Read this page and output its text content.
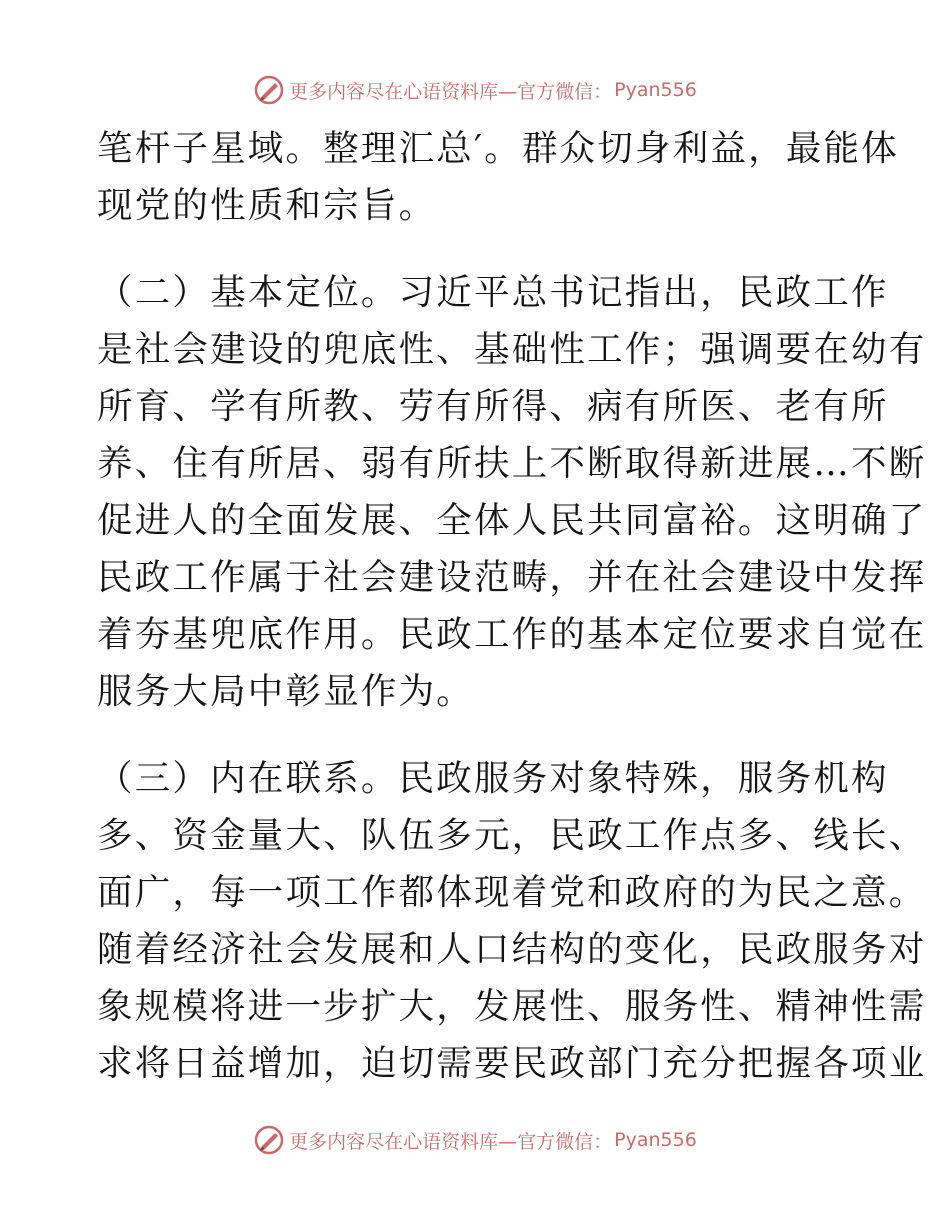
更多内容尽在心语资料库—官方微信： Pyan556
笔杆子星域。整理汇总′。群众切身利益，最能体
现党的性质和宗旨。
（二）基本定位。习近平总书记指出，民政工作
是社会建设的兜底性、基础性工作；强调要在幼有
所育、学有所教、劳有所得、病有所医、老有所
养、住有所居、弱有所扶上不断取得新进展…不断
促进人的全面发展、全体人民共同富裕。这明确了
民政工作属于社会建设范畴，并在社会建设中发挥
着夯基兜底作用。民政工作的基本定位要求自觉在
服务大局中彰显作为。
（三）内在联系。民政服务对象特殊，服务机构
多、资金量大、队伍多元，民政工作点多、线长、
面广，每一项工作都体现着党和政府的为民之意。
随着经济社会发展和人口结构的变化，民政服务对
象规模将进一步扩大，发展性、服务性、精神性需
求将日益增加，迫切需要民政部门充分把握各项业
更多内容尽在心语资料库—官方微信： Pyan556
